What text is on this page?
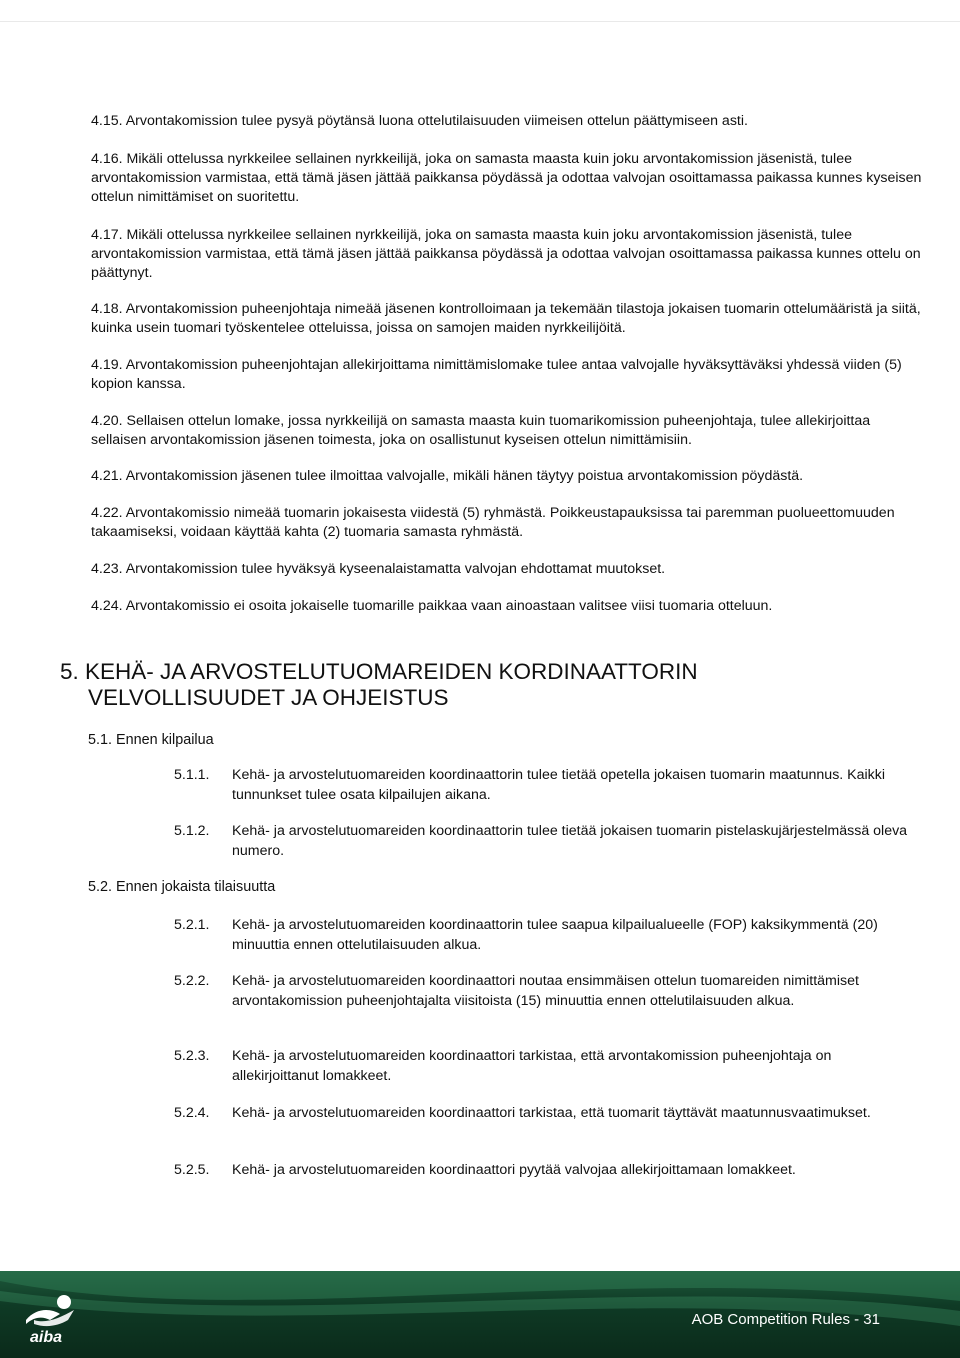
4.15. Arvontakomission tulee pysyä pöytänsä luona ottelutilaisuuden viimeisen ottelun päättymiseen asti.

4.16. Mikäli ottelussa nyrkkeilee sellainen nyrkkeilijä, joka on samasta maasta kuin joku arvontakomission jäsenistä, tulee arvontakomission varmistaa, että tämä jäsen jättää paikkansa pöydässä ja odottaa valvojan osoittamassa paikassa kunnes kyseisen ottelun nimittämiset on suoritettu.

4.17. Mikäli ottelussa nyrkkeilee sellainen nyrkkeilijä, joka on samasta maasta kuin joku arvontakomission jäsenistä, tulee arvontakomission varmistaa, että tämä jäsen jättää paikkansa pöydässä ja odottaa valvojan osoittamassa paikassa kunnes ottelu on päättynyt.

4.18. Arvontakomission puheenjohtaja nimeää jäsenen kontrolloimaan ja tekemään tilastoja jokaisen tuomarin ottelumääristä ja siitä, kuinka usein tuomari työskentelee otteluissa, joissa on samojen maiden nyrkkeilijöitä.

4.19. Arvontakomission puheenjohtajan allekirjoittama nimittämislomake tulee antaa valvojalle hyväksyttäväksi yhdessä viiden (5) kopion kanssa.

4.20. Sellaisen ottelun lomake, jossa nyrkkeilijä on samasta maasta kuin tuomarikomission puheenjohtaja, tulee allekirjoittaa sellaisen arvontakomission jäsenen toimesta, joka on osallistunut kyseisen ottelun nimittämisiin.

4.21. Arvontakomission jäsenen tulee ilmoittaa valvojalle, mikäli hänen täytyy poistua arvontakomission pöydästä.

4.22. Arvontakomissio nimeää tuomarin jokaisesta viidestä (5) ryhmästä. Poikkeustapauksissa tai paremman puolueettomuuden takaamiseksi, voidaan käyttää kahta (2) tuomaria samasta ryhmästä.

4.23. Arvontakomission tulee hyväksyä kyseenalaistamatta valvojan ehdottamat muutokset.

4.24. Arvontakomissio ei osoita jokaiselle tuomarille paikkaa vaan ainoastaan valitsee viisi tuomaria otteluun.

5. KEHÄ- JA ARVOSTELUTUOMAREIDEN KORDINAATTORIN
VELVOLLISUUDET JA OHJEISTUS

5.1. Ennen kilpailua

5.1.1.	Kehä- ja arvostelutuomareiden koordinaattorin tulee tietää opetella jokaisen tuomarin maatunnus. Kaikki tunnunkset tulee osata kilpailujen aikana.
5.1.2.	Kehä- ja arvostelutuomareiden koordinaattorin tulee tietää jokaisen tuomarin pistelaskujärjestelmässä oleva numero.

5.2. Ennen jokaista tilaisuutta

5.2.1.	Kehä- ja arvostelutuomareiden koordinaattorin tulee saapua kilpailualueelle (FOP) kaksikymmentä (20) minuuttia ennen ottelutilaisuuden alkua.
5.2.2.	Kehä- ja arvostelutuomareiden koordinaattori noutaa ensimmäisen ottelun tuomareiden nimittämiset arvontakomission puheenjohtajalta viisitoista (15) minuuttia ennen ottelutilaisuuden alkua.
5.2.3.	Kehä- ja arvostelutuomareiden koordinaattori tarkistaa, että arvontakomission puheenjohtaja on allekirjoittanut lomakkeet.
5.2.4.	Kehä- ja arvostelutuomareiden koordinaattori tarkistaa, että tuomarit täyttävät maatunnusvaatimukset.
5.2.5.	Kehä- ja arvostelutuomareiden koordinaattori pyytää valvojaa allekirjoittamaan lomakkeet.
aiba
AOB Competition Rules - 31
